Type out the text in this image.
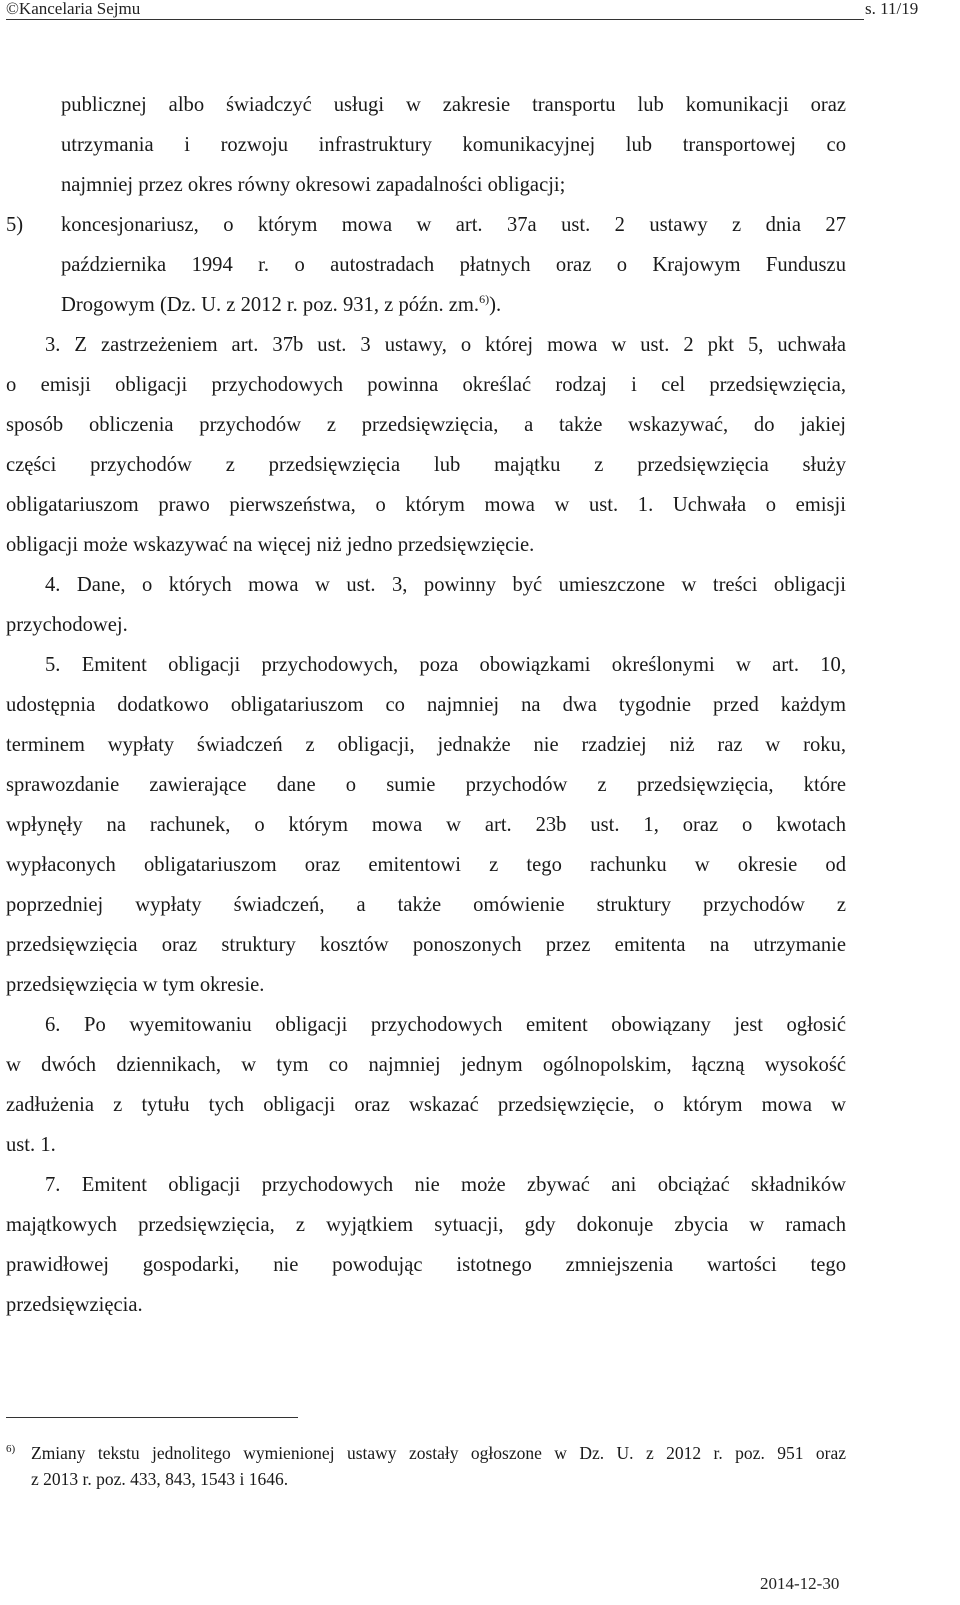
©Kancelaria Sejmu	s. 11/19
publicznej albo świadczyć usługi w zakresie transportu lub komunikacji oraz
utrzymania i rozwoju infrastruktury komunikacyjnej lub transportowej co
najmniej przez okres równy okresowi zapadalności obligacji;
5) koncesjonariusz, o którym mowa w art. 37a ust. 2 ustawy z dnia 27
października 1994 r. o autostradach płatnych oraz o Krajowym Funduszu
Drogowym (Dz. U. z 2012 r. poz. 931, z późn. zm.$^{6)}$).
3. Z zastrzeżeniem art. 37b ust. 3 ustawy, o której mowa w ust. 2 pkt 5, uchwała
o emisji obligacji przychodowych powinna określać rodzaj i cel przedsięwzięcia,
sposób obliczenia przychodów z przedsięwzięcia, a także wskazywać, do jakiej
części przychodów z przedsięwzięcia lub majątku z przedsięwzięcia służy
obligatariuszom prawo pierwszeństwa, o którym mowa w ust. 1. Uchwała o emisji
obligacji może wskazywać na więcej niż jedno przedsięwzięcie.
4. Dane, o których mowa w ust. 3, powinny być umieszczone w treści obligacji
przychodowej.
5. Emitent obligacji przychodowych, poza obowiązkami określonymi w art. 10,
udostępnia dodatkowo obligatariuszom co najmniej na dwa tygodnie przed każdym
terminem wypłaty świadczeń z obligacji, jednakże nie rzadziej niż raz w roku,
sprawozdanie zawierające dane o sumie przychodów z przedsięwzięcia, które
wpłynęły na rachunek, o którym mowa w art. 23b ust. 1, oraz o kwotach
wypłaconych obligatariuszom oraz emitentowi z tego rachunku w okresie od
poprzedniej wypłaty świadczeń, a także omówienie struktury przychodów z
przedsięwzięcia oraz struktury kosztów ponoszonych przez emitenta na utrzymanie
przedsięwzięcia w tym okresie.
6. Po wyemitowaniu obligacji przychodowych emitent obowiązany jest ogłosić
w dwóch dziennikach, w tym co najmniej jednym ogólnopolskim, łączną wysokość
zadłużenia z tytułu tych obligacji oraz wskazać przedsięwzięcie, o którym mowa w
ust. 1.
7. Emitent obligacji przychodowych nie może zbywać ani obciążać składników
majątkowych przedsięwzięcia, z wyjątkiem sytuacji, gdy dokonuje zbycia w ramach
prawidłowej gospodarki, nie powodując istotnego zmniejszenia wartości tego
przedsięwzięcia.
$^{6)}$ Zmiany tekstu jednolitego wymienionej ustawy zostały ogłoszone w Dz. U. z 2012 r. poz. 951 oraz
z 2013 r. poz. 433, 843, 1543 i 1646.
2014-12-30
